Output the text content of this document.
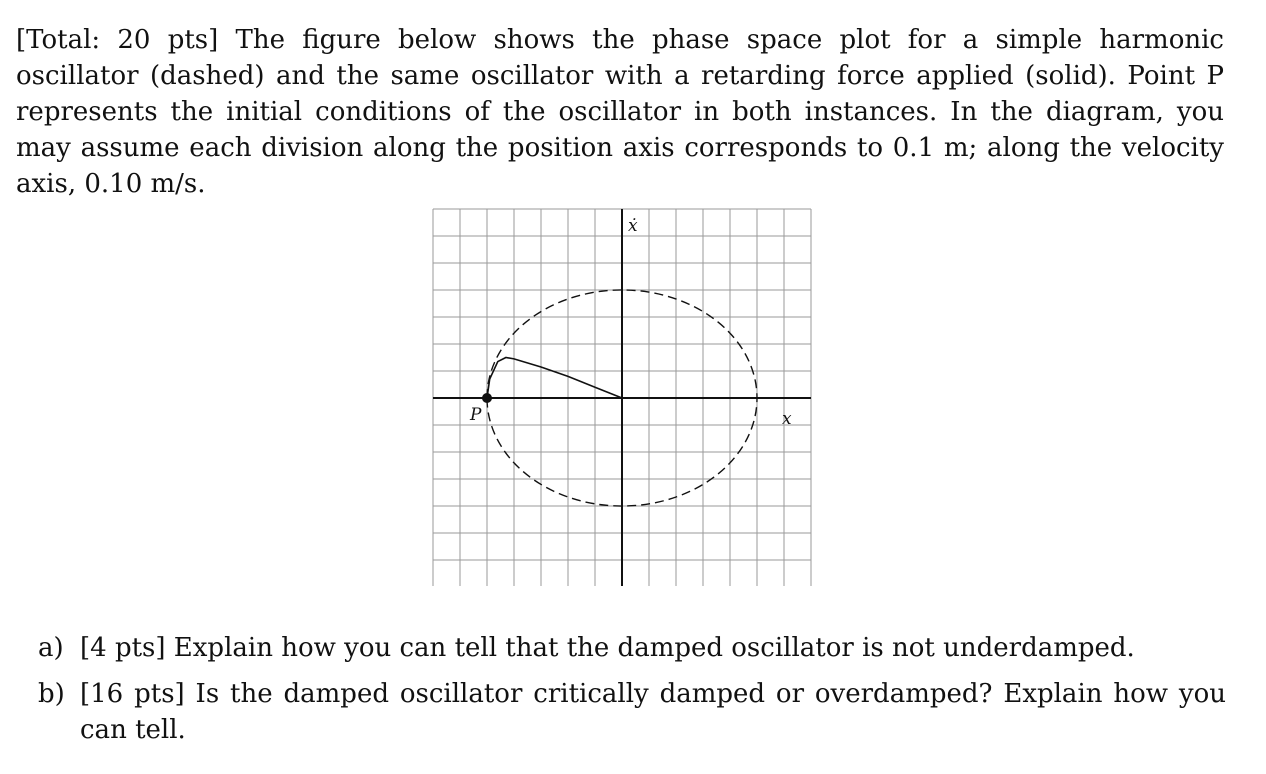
[Total: 20 pts] The figure below shows the phase space plot for a simple harmonic oscillator (dashed) and the same oscillator with a retarding force applied (solid). Point P represents the initial conditions of the oscillator in both instances. In the diagram, you may assume each division along the position axis corresponds to 0.1 m; along the velocity axis, 0.10 m/s.

ẋ
x
P
a) [4 pts] Explain how you can tell that the damped oscillator is not underdamped.
b) [16 pts] Is the damped oscillator critically damped or overdamped? Explain how you can tell.
